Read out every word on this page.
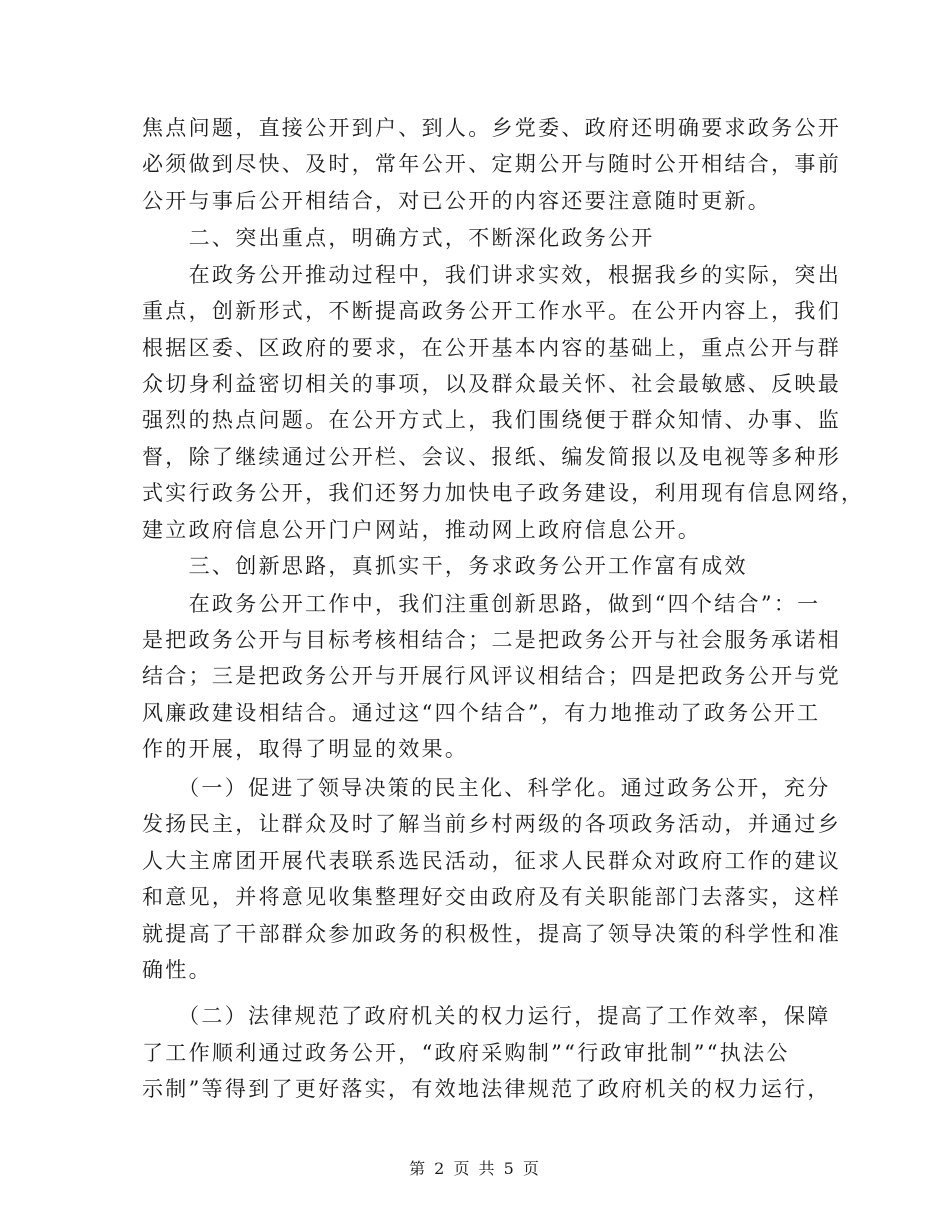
焦点问题，直接公开到户、到人。乡党委、政府还明确要求政务公开
必须做到尽快、及时，常年公开、定期公开与随时公开相结合，事前
公开与事后公开相结合，对已公开的内容还要注意随时更新。
　　二、突出重点，明确方式，不断深化政务公开
　　在政务公开推动过程中，我们讲求实效，根据我乡的实际，突出
重点，创新形式，不断提高政务公开工作水平。在公开内容上，我们
根据区委、区政府的要求，在公开基本内容的基础上，重点公开与群
众切身利益密切相关的事项，以及群众最关怀、社会最敏感、反映最
强烈的热点问题。在公开方式上，我们围绕便于群众知情、办事、监
督，除了继续通过公开栏、会议、报纸、编发简报以及电视等多种形
式实行政务公开，我们还努力加快电子政务建设，利用现有信息网络，
建立政府信息公开门户网站，推动网上政府信息公开。
　　三、创新思路，真抓实干，务求政务公开工作富有成效
　　在政务公开工作中，我们注重创新思路，做到“四个结合”：一
是把政务公开与目标考核相结合；二是把政务公开与社会服务承诺相
结合；三是把政务公开与开展行风评议相结合；四是把政务公开与党
风廉政建设相结合。通过这“四个结合”，有力地推动了政务公开工
作的开展，取得了明显的效果。
　　（一）促进了领导决策的民主化、科学化。通过政务公开，充分
发扬民主，让群众及时了解当前乡村两级的各项政务活动，并通过乡
人大主席团开展代表联系选民活动，征求人民群众对政府工作的建议
和意见，并将意见收集整理好交由政府及有关职能部门去落实，这样
就提高了干部群众参加政务的积极性，提高了领导决策的科学性和准
确性。
　　（二）法律规范了政府机关的权力运行，提高了工作效率，保障
了工作顺利通过政务公开，“政府采购制”“行政审批制”“执法公
示制”等得到了更好落实，有效地法律规范了政府机关的权力运行，
第 2 页 共 5 页
